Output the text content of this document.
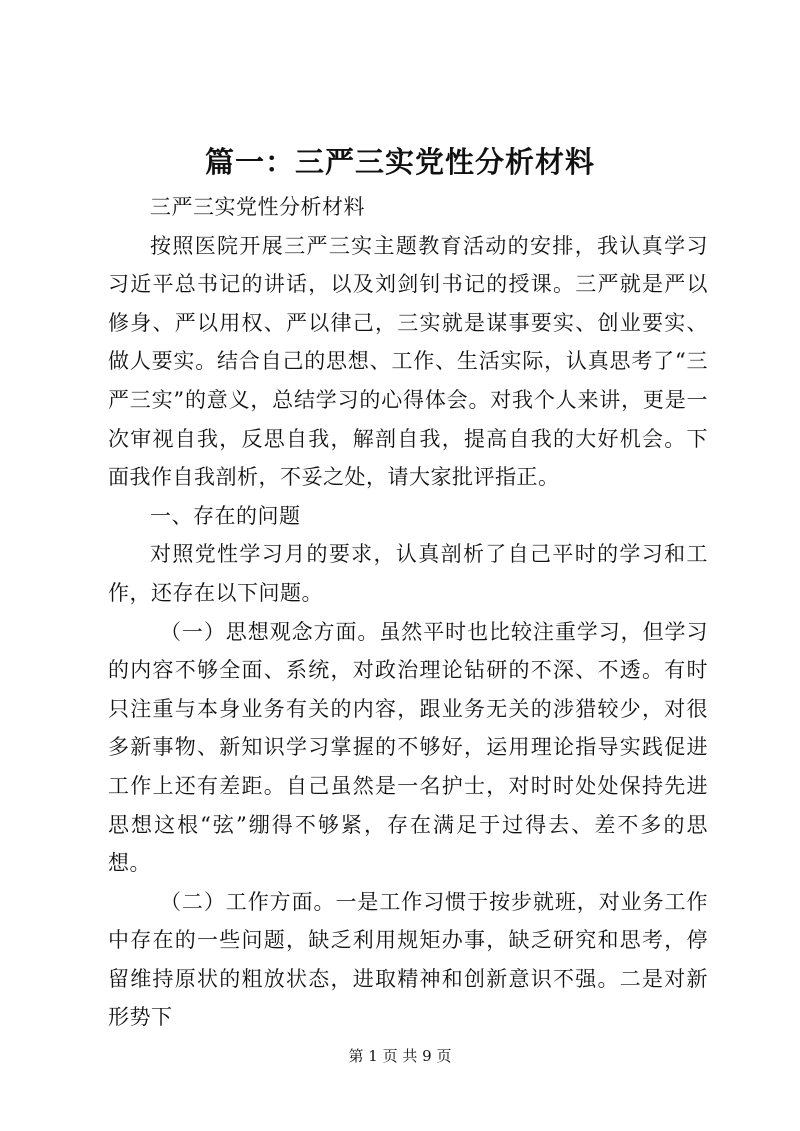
篇一：三严三实党性分析材料

三严三实党性分析材料

按照医院开展三严三实主题教育活动的安排，我认真学习习近平总书记的讲话，以及刘剑钊书记的授课。三严就是严以修身、严以用权、严以律己，三实就是谋事要实、创业要实、做人要实。结合自己的思想、工作、生活实际，认真思考了“三严三实”的意义，总结学习的心得体会。对我个人来讲，更是一次审视自我，反思自我，解剖自我，提高自我的大好机会。下面我作自我剖析，不妥之处，请大家批评指正。

一、存在的问题

对照党性学习月的要求，认真剖析了自己平时的学习和工作，还存在以下问题。

（一）思想观念方面。虽然平时也比较注重学习，但学习的内容不够全面、系统，对政治理论钻研的不深、不透。有时只注重与本身业务有关的内容，跟业务无关的涉猎较少，对很多新事物、新知识学习掌握的不够好，运用理论指导实践促进工作上还有差距。自己虽然是一名护士，对时时处处保持先进思想这根“弦”绷得不够紧，存在满足于过得去、差不多的思想。

（二）工作方面。一是工作习惯于按步就班，对业务工作中存在的一些问题，缺乏利用规矩办事，缺乏研究和思考，停留维持原状的粗放状态，进取精神和创新意识不强。二是对新形势下

第 1 页 共 9 页
